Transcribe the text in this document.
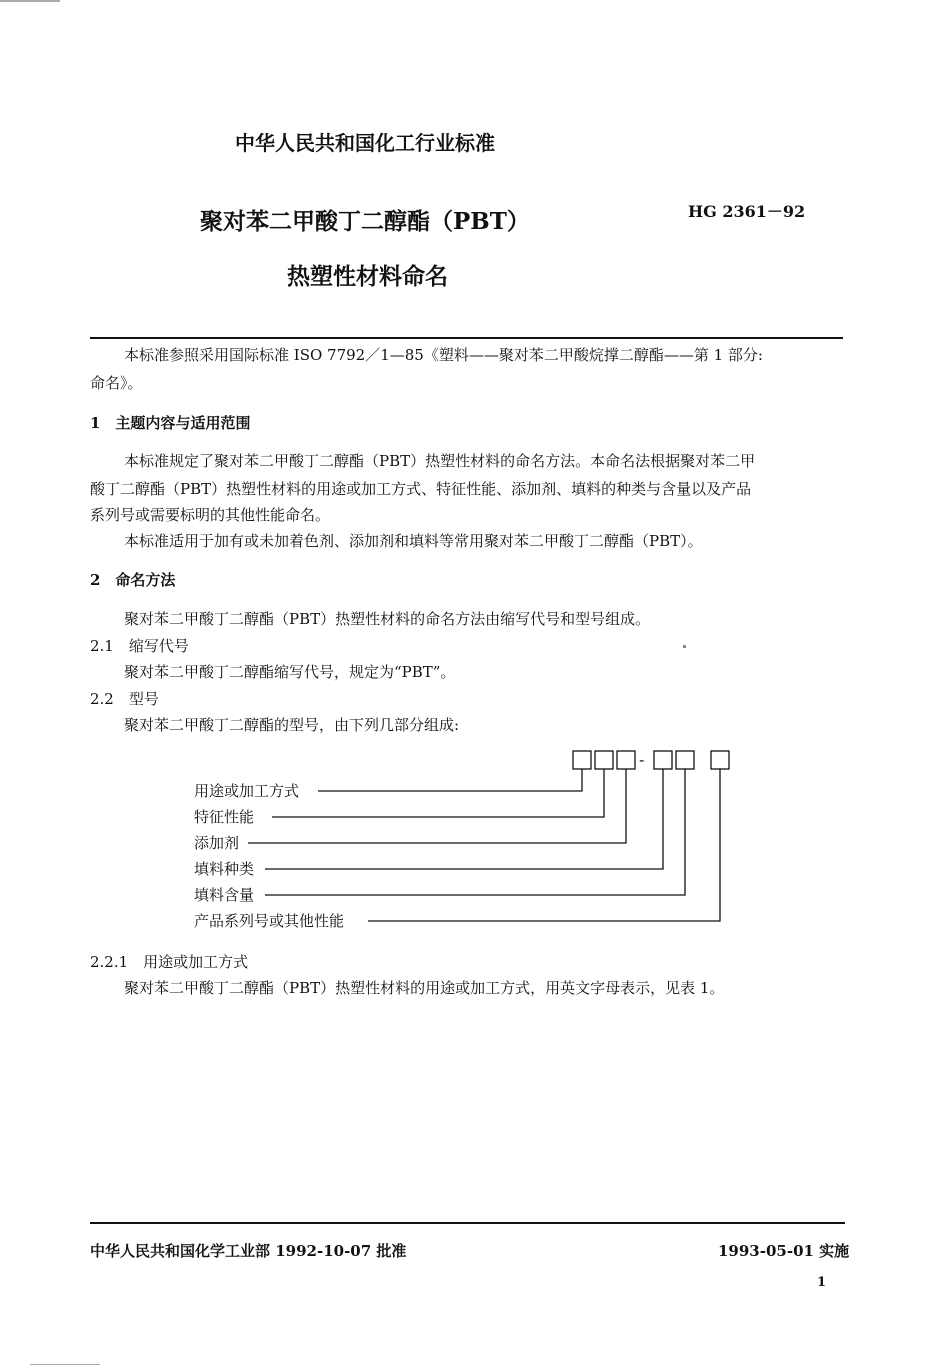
中华人民共和国化工行业标准
聚对苯二甲酸丁二醇酯（PBT）	HG 2361－92
热塑性材料命名
本标准参照采用国际标准 ISO 7792／1—85《塑料——聚对苯二甲酸烷撑二醇酯——第 1 部分:
命名》。
1　主题内容与适用范围
本标准规定了聚对苯二甲酸丁二醇酯（PBT）热塑性材料的命名方法。本命名法根据聚对苯二甲
酸丁二醇酯（PBT）热塑性材料的用途或加工方式、特征性能、添加剂、填料的种类与含量以及产品
系列号或需要标明的其他性能命名。
本标准适用于加有或未加着色剂、添加剂和填料等常用聚对苯二甲酸丁二醇酯（PBT）。
2　命名方法
聚对苯二甲酸丁二醇酯（PBT）热塑性材料的命名方法由缩写代号和型号组成。
2.1　缩写代号
聚对苯二甲酸丁二醇酯缩写代号，规定为“PBT”。
2.2　型号
聚对苯二甲酸丁二醇酯的型号，由下列几部分组成:
-
用途或加工方式
特征性能
添加剂
填料种类
填料含量
产品系列号或其他性能
2.2.1　用途或加工方式
聚对苯二甲酸丁二醇酯（PBT）热塑性材料的用途或加工方式，用英文字母表示，见表 1。
中华人民共和国化学工业部 1992-10-07 批准	1993-05-01 实施
1
